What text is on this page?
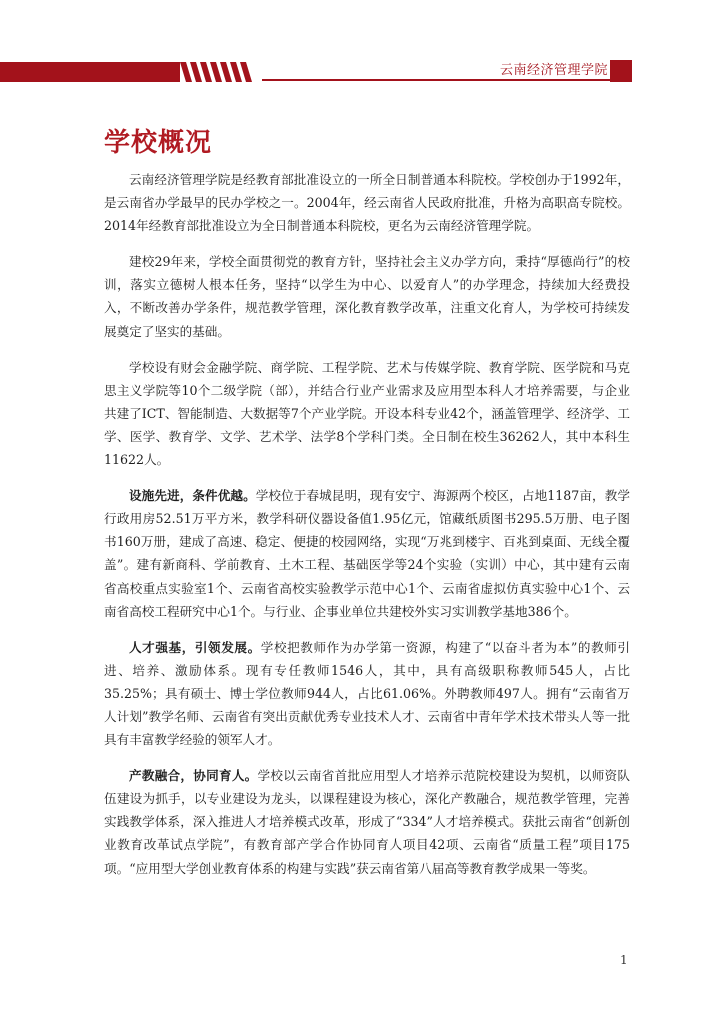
云南经济管理学院
学校概况

云南经济管理学院是经教育部批准设立的一所全日制普通本科院校。学校创办于1992年，是云南省办学最早的民办学校之一。2004年，经云南省人民政府批准，升格为高职高专院校。2014年经教育部批准设立为全日制普通本科院校，更名为云南经济管理学院。

建校29年来，学校全面贯彻党的教育方针，坚持社会主义办学方向，秉持“厚德尚行”的校训，落实立德树人根本任务，坚持“以学生为中心、以爱育人”的办学理念，持续加大经费投入，不断改善办学条件，规范教学管理，深化教育教学改革，注重文化育人，为学校可持续发展奠定了坚实的基础。

学校设有财会金融学院、商学院、工程学院、艺术与传媒学院、教育学院、医学院和马克思主义学院等10个二级学院（部），并结合行业产业需求及应用型本科人才培养需要，与企业共建了ICT、智能制造、大数据等7个产业学院。开设本科专业42个，涵盖管理学、经济学、工学、医学、教育学、文学、艺术学、法学8个学科门类。全日制在校生36262人，其中本科生11622人。

设施先进，条件优越。学校位于春城昆明，现有安宁、海源两个校区，占地1187亩，教学行政用房52.51万平方米，教学科研仪器设备值1.95亿元，馆藏纸质图书295.5万册、电子图书160万册，建成了高速、稳定、便捷的校园网络，实现“万兆到楼宇、百兆到桌面、无线全覆盖”。建有新商科、学前教育、土木工程、基础医学等24个实验（实训）中心，其中建有云南省高校重点实验室1个、云南省高校实验教学示范中心1个、云南省虚拟仿真实验中心1个、云南省高校工程研究中心1个。与行业、企事业单位共建校外实习实训教学基地386个。

人才强基，引领发展。学校把教师作为办学第一资源，构建了“以奋斗者为本”的教师引进、培养、激励体系。现有专任教师1546人，其中，具有高级职称教师545人，占比35.25%；具有硕士、博士学位教师944人，占比61.06%。外聘教师497人。拥有“云南省万人计划”教学名师、云南省有突出贡献优秀专业技术人才、云南省中青年学术技术带头人等一批具有丰富教学经验的领军人才。

产教融合，协同育人。学校以云南省首批应用型人才培养示范院校建设为契机，以师资队伍建设为抓手，以专业建设为龙头，以课程建设为核心，深化产教融合，规范教学管理，完善实践教学体系，深入推进人才培养模式改革，形成了“334”人才培养模式。获批云南省“创新创业教育改革试点学院”，有教育部产学合作协同育人项目42项、云南省“质量工程”项目175项。“应用型大学创业教育体系的构建与实践”获云南省第八届高等教育教学成果一等奖。

1
